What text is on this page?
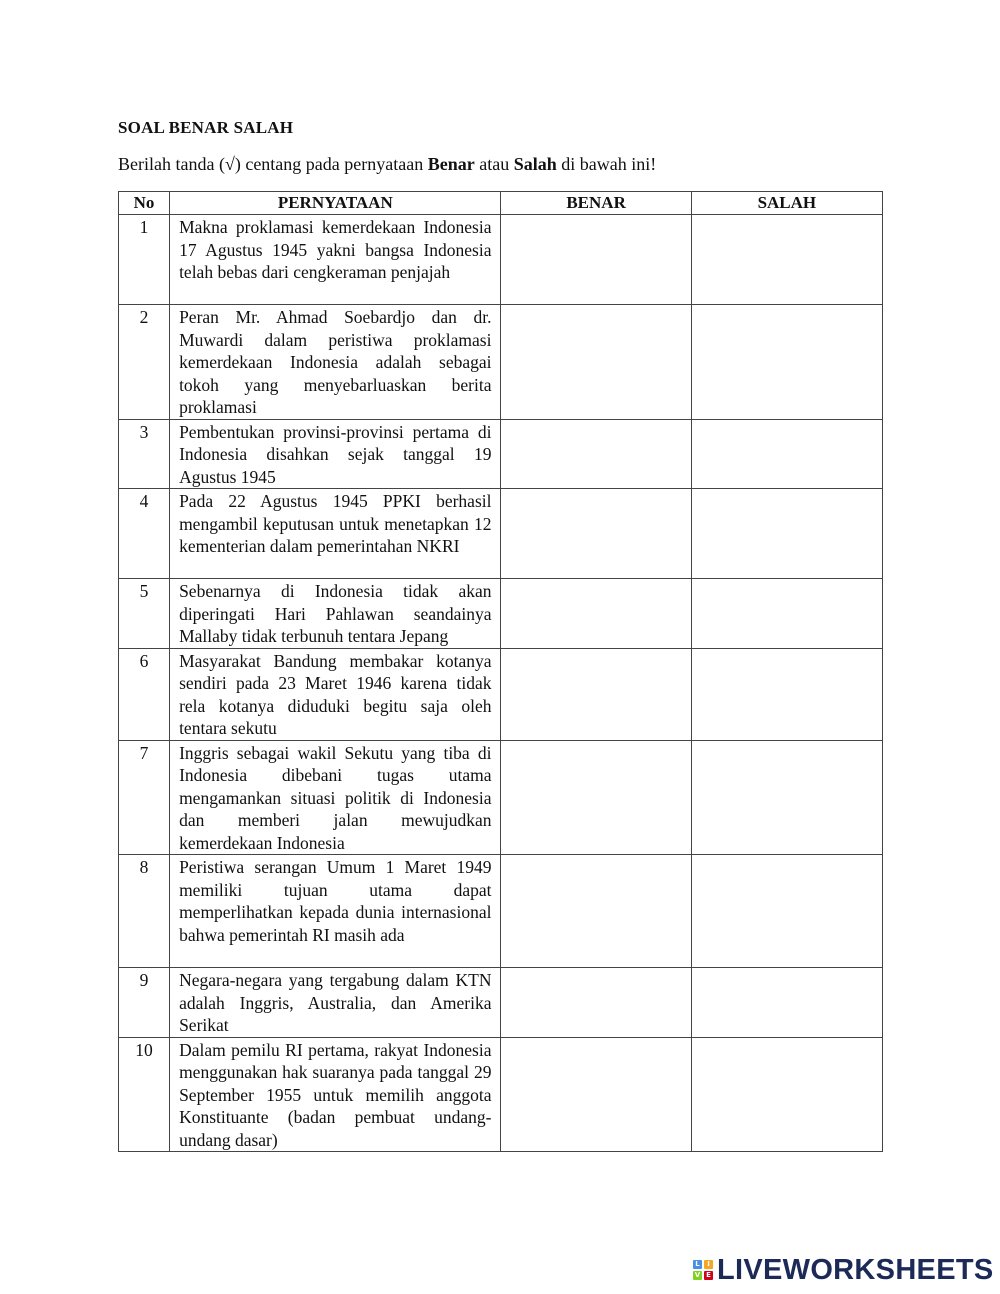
SOAL BENAR SALAH
Berilah tanda (√) centang pada pernyataan Benar atau Salah di bawah ini!
No	PERNYATAAN	BENAR	SALAH
1	Makna proklamasi kemerdekaan Indonesia 17 Agustus 1945 yakni bangsa Indonesia telah bebas dari cengkeraman penjajah		
2	Peran Mr. Ahmad Soebardjo dan dr. Muwardi dalam peristiwa proklamasi kemerdekaan Indonesia adalah sebagai tokoh yang menyebarluaskan berita proklamasi		
3	Pembentukan provinsi-provinsi pertama di Indonesia disahkan sejak tanggal 19 Agustus 1945		
4	Pada 22 Agustus 1945 PPKI berhasil mengambil keputusan untuk menetapkan 12 kementerian dalam pemerintahan NKRI		
5	Sebenarnya di Indonesia tidak akan diperingati Hari Pahlawan seandainya Mallaby tidak terbunuh tentara Jepang		
6	Masyarakat Bandung membakar kotanya sendiri pada 23 Maret 1946 karena tidak rela kotanya diduduki begitu saja oleh tentara sekutu		
7	Inggris sebagai wakil Sekutu yang tiba di Indonesia dibebani tugas utama mengamankan situasi politik di Indonesia dan memberi jalan mewujudkan kemerdekaan Indonesia		
8	Peristiwa serangan Umum 1 Maret 1949 memiliki tujuan utama dapat memperlihatkan kepada dunia internasional bahwa pemerintah RI masih ada		
9	Negara-negara yang tergabung dalam KTN adalah Inggris, Australia, dan Amerika Serikat		
10	Dalam pemilu RI pertama, rakyat Indonesia menggunakan hak suaranya pada tanggal 29 September 1955 untuk memilih anggota Konstituante (badan pembuat undang-undang dasar)		
L	I
V E LIVEWORKSHEETS
